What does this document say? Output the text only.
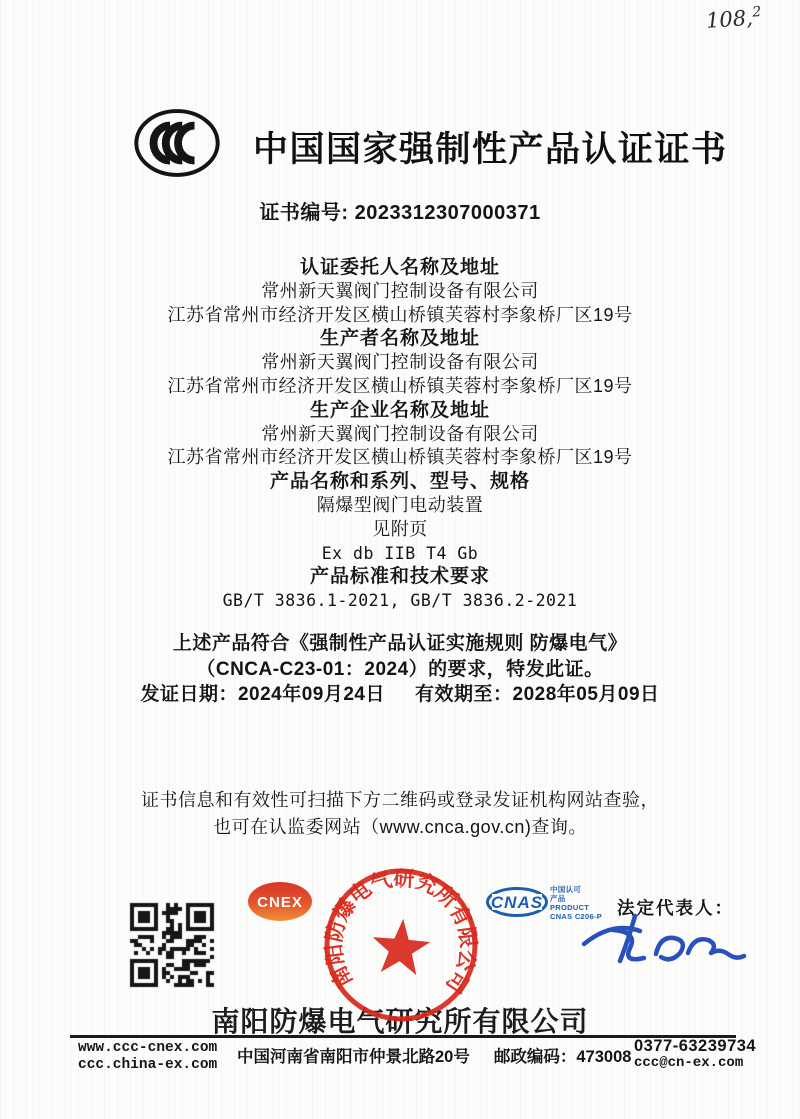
108,$^2$
中国国家强制性产品认证证书
证书编号: 2023312307000371
认证委托人名称及地址
常州新天翼阀门控制设备有限公司
江苏省常州市经济开发区横山桥镇芙蓉村李象桥厂区19号
生产者名称及地址
常州新天翼阀门控制设备有限公司
江苏省常州市经济开发区横山桥镇芙蓉村李象桥厂区19号
生产企业名称及地址
常州新天翼阀门控制设备有限公司
江苏省常州市经济开发区横山桥镇芙蓉村李象桥厂区19号
产品名称和系列、型号、规格
隔爆型阀门电动装置
见附页
Ex db IIB T4 Gb
产品标准和技术要求
GB/T 3836.1-2021, GB/T 3836.2-2021
上述产品符合《强制性产品认证实施规则 防爆电气》
（CNCA-C23-01：2024）的要求，特发此证。
发证日期：2024年09月24日 有效期至：2028年05月09日
证书信息和有效性可扫描下方二维码或登录发证机构网站查验，
也可在认监委网站（www.cnca.gov.cn)查询。
CNEX
南阳防爆电气研究所有限公司
南阳防爆电气研究所有限公司
CNAS
中国认可
产品
PRODUCT
CNAS C206-P 法定代表人：
www.ccc-cnex.com
ccc.china-ex.com 中国河南省南阳市仲景北路20号 邮政编码：473008
0377-63239734
ccc@cn-ex.com
